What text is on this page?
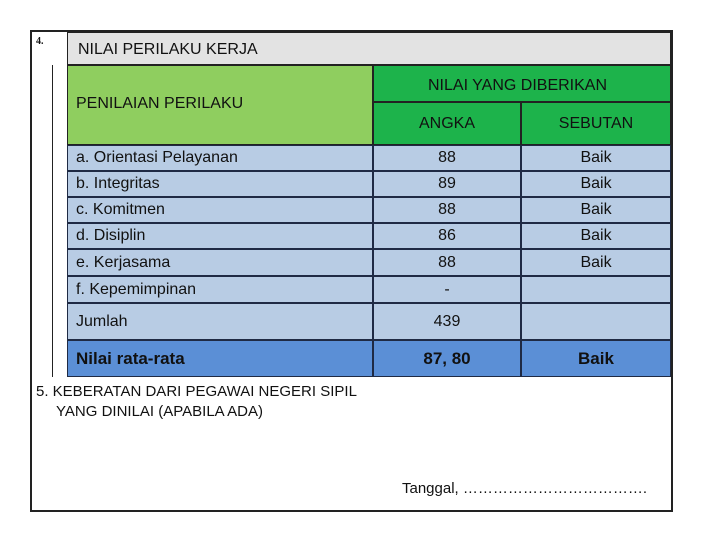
4.	NILAI PERILAKU KERJA
PENILAIAN PERILAKU
NILAI YANG DIBERIKAN
ANGKA	SEBUTAN
a. Orientasi Pelayanan	88	Baik
b. Integritas	89	Baik
c. Komitmen	88	Baik
d. Disiplin	86	Baik
e. Kerjasama	88	Baik
f. Kepemimpinan	-
Jumlah	439
Nilai rata-rata	87, 80	Baik
5. KEBERATAN DARI PEGAWAI NEGERI SIPIL
YANG DINILAI (APABILA ADA)
Tanggal, ……………………………….
